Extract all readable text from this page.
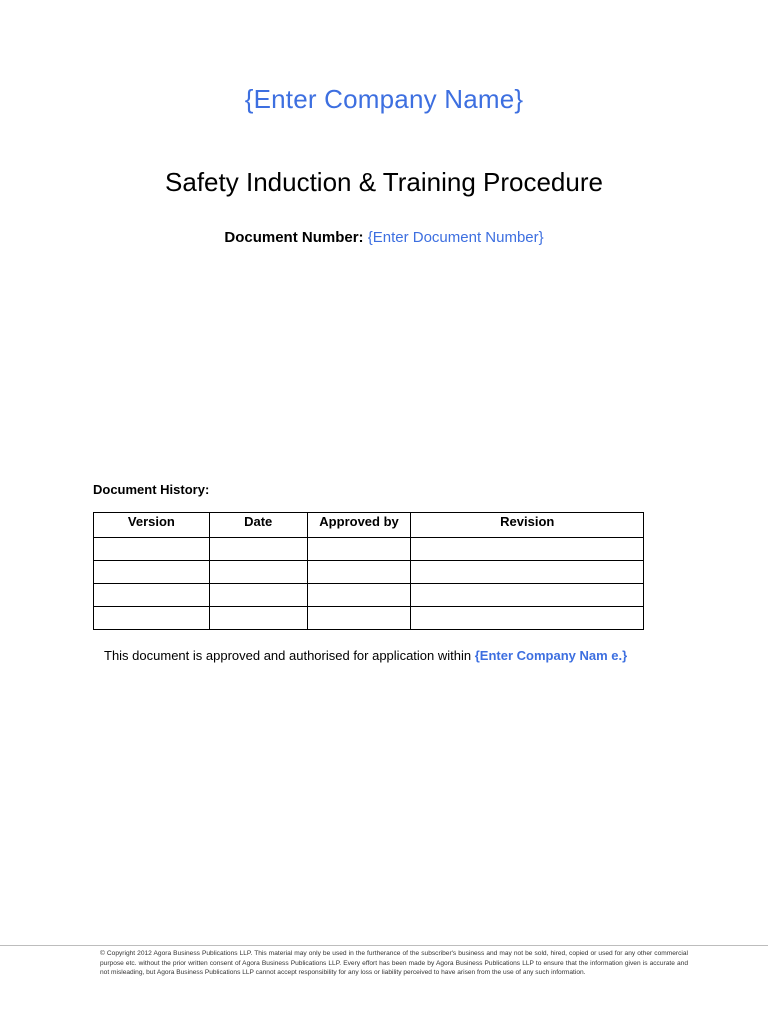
{Enter Company Name}
Safety Induction & Training Procedure
Document Number: {Enter Document Number}
Document History:
Version	Date	Approved by	Revision

This document is approved and authorised for application within {Enter Company Nam e.}
© Copyright 2012 Agora Business Publications LLP. This material may only be used in the furtherance of the subscriber's business and may not be sold, hired, copied or used for any other commercial purpose etc. without the prior written consent of Agora Business Publications LLP. Every effort has been made by Agora Business Publications LLP to ensure that the information given is accurate and not misleading, but Agora Business Publications LLP cannot accept responsibility for any loss or liability perceived to have arisen from the use of any such information.
